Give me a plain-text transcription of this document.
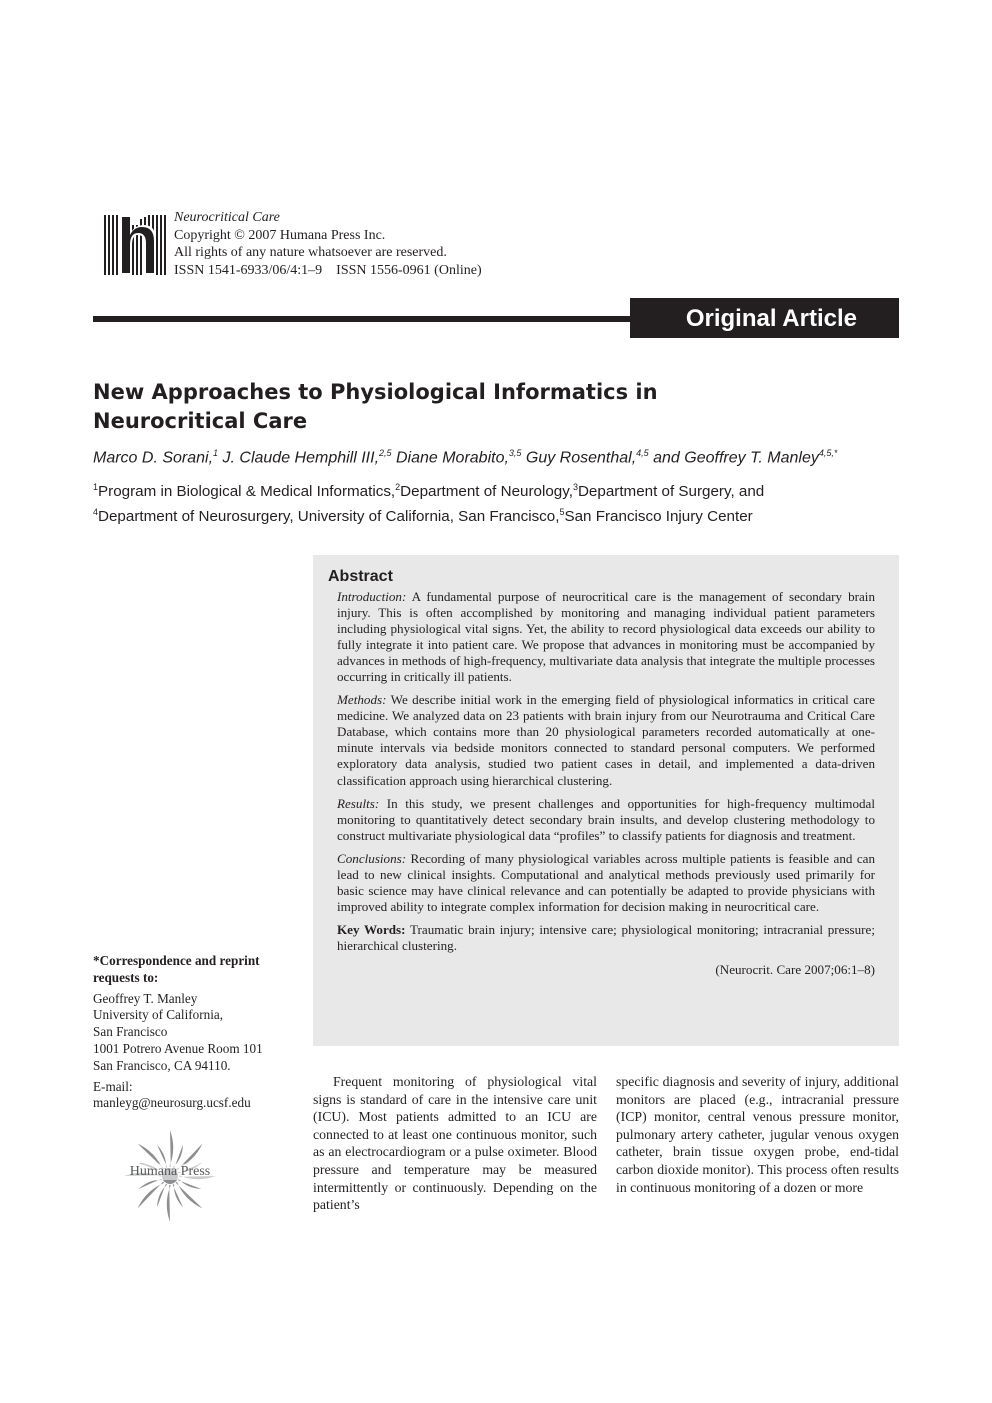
Neurocritical Care
Copyright © 2007 Humana Press Inc.
All rights of any nature whatsoever are reserved.
ISSN 1541-6933/06/4:1–9    ISSN 1556-0961 (Online)
Original Article
New Approaches to Physiological Informatics in
Neurocritical Care
Marco D. Sorani,$^1$ J. Claude Hemphill III,$^{2,5}$ Diane Morabito,$^{3,5}$ Guy Rosenthal,$^{4,5}$ and Geoffrey T. Manley$^{4,5,*}$
$^1$Program in Biological & Medical Informatics,$^2$Department of Neurology,$^3$Department of Surgery, and
$^4$Department of Neurosurgery, University of California, San Francisco,$^5$San Francisco Injury Center
Abstract

Introduction: A fundamental purpose of neurocritical care is the management of secondary brain injury. This is often accomplished by monitoring and managing individual patient parameters including physiological vital signs. Yet, the ability to record physiological data exceeds our ability to fully integrate it into patient care. We propose that advances in monitoring must be accompanied by advances in methods of high-frequency, multivariate data analysis that integrate the multiple processes occurring in critically ill patients.

Methods: We describe initial work in the emerging field of physiological informatics in critical care medicine. We analyzed data on 23 patients with brain injury from our Neurotrauma and Critical Care Database, which contains more than 20 physiological parameters recorded automatically at one-minute intervals via bedside monitors connected to standard personal computers. We performed exploratory data analysis, studied two patient cases in detail, and implemented a data-driven classification approach using hierarchical clustering.

Results: In this study, we present challenges and opportunities for high-frequency multimodal monitoring to quantitatively detect secondary brain insults, and develop clustering methodology to construct multivariate physiological data “profiles” to classify patients for diagnosis and treatment.

Conclusions: Recording of many physiological variables across multiple patients is feasible and can lead to new clinical insights. Computational and analytical methods previously used primarily for basic science may have clinical relevance and can potentially be adapted to provide physicians with improved ability to integrate complex information for decision making in neurocritical care.

Key Words: Traumatic brain injury; intensive care; physiological monitoring; intracranial pressure; hierarchical clustering.

(Neurocrit. Care 2007;06:1–8)
*Correspondence and reprint
requests to:
Geoffrey T. Manley
University of California,
San Francisco
1001 Potrero Avenue Room 101
San Francisco, CA 94110.
E-mail:
manleyg@neurosurg.ucsf.edu
Humana Press
Frequent monitoring of physiological vital signs is standard of care in the intensive care unit (ICU). Most patients admitted to an ICU are connected to at least one continuous monitor, such as an electrocardiogram or a pulse oximeter. Blood pressure and temperature may be measured intermittently or continuously. Depending on the patient’s
specific diagnosis and severity of injury, additional monitors are placed (e.g., intracranial pressure (ICP) monitor, central venous pressure monitor, pulmonary artery catheter, jugular venous oxygen catheter, brain tissue oxygen probe, end-tidal carbon dioxide monitor). This process often results in continuous monitoring of a dozen or more
